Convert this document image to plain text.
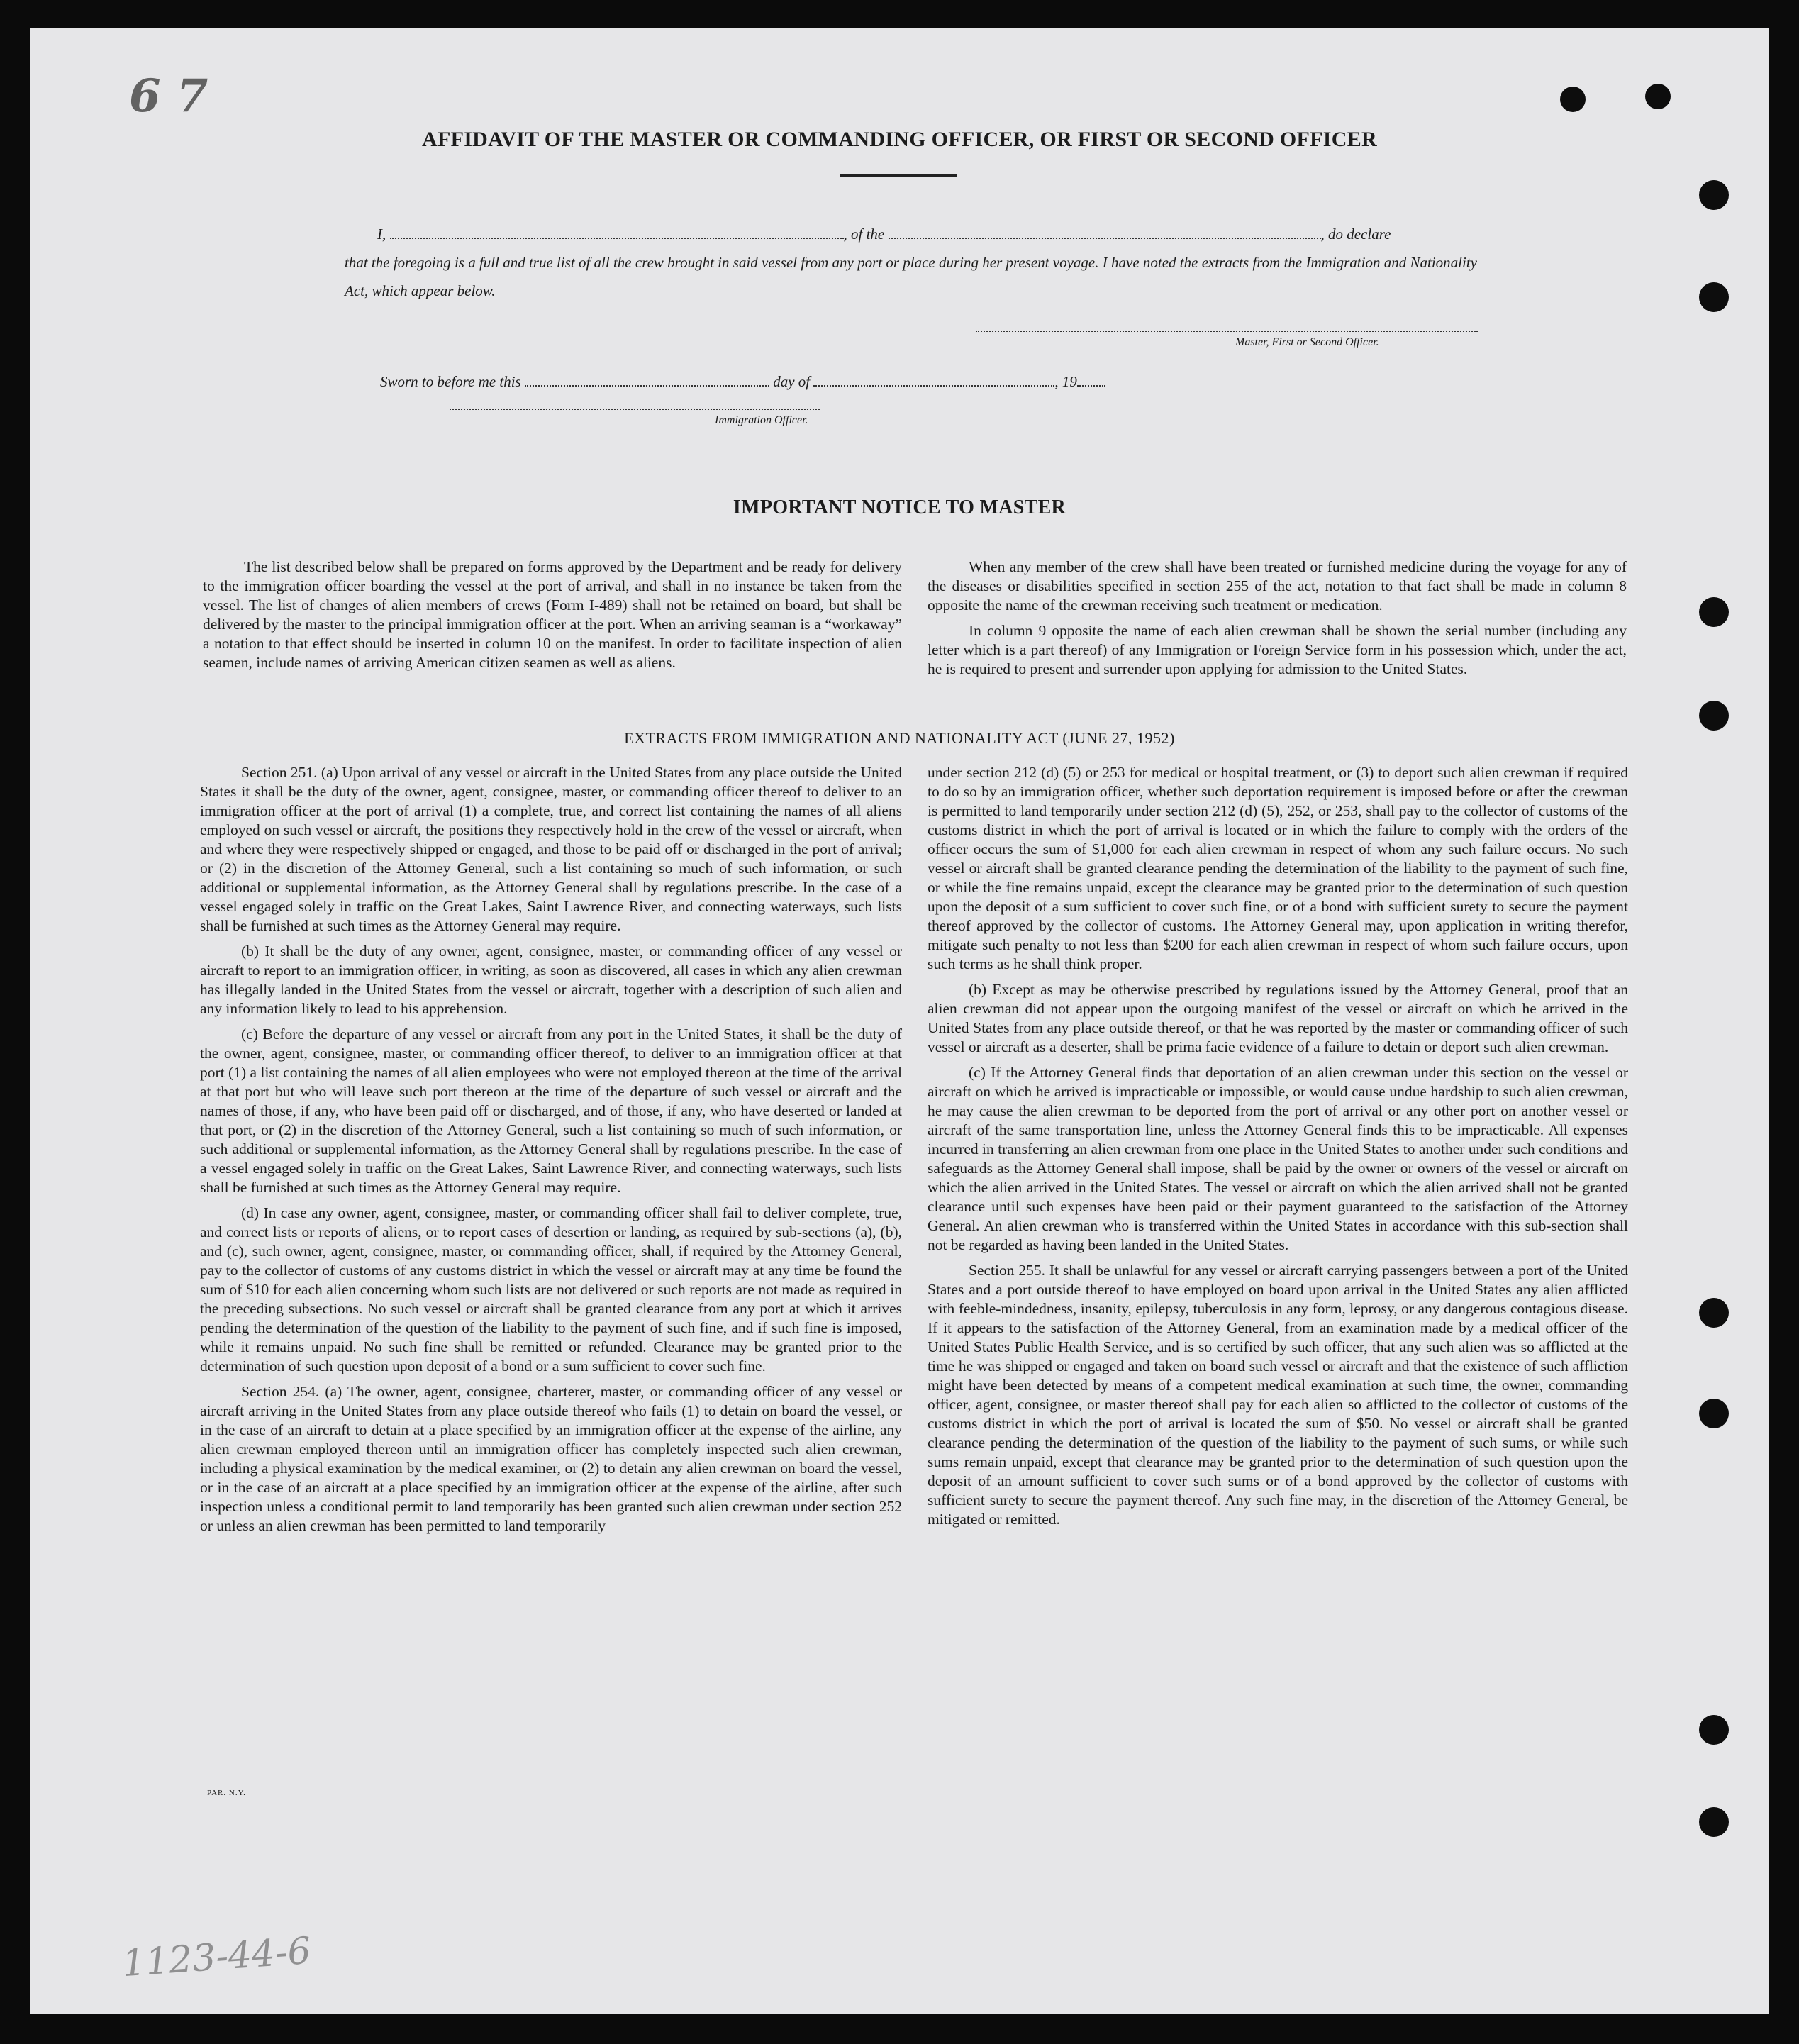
6 7
AFFIDAVIT OF THE MASTER OR COMMANDING OFFICER, OR FIRST OR SECOND OFFICER
I,	, of the	, do declare
that the foregoing is a full and true list of all the crew brought in said vessel from any port or place during her present voyage. I have noted the extracts from the Immigration and Nationality Act, which appear below.
Master, First or Second Officer.
Sworn to before me this	day of	, 19
Immigration Officer.
IMPORTANT NOTICE TO MASTER

The list described below shall be prepared on forms approved by the Department and be ready for delivery to the immigration officer boarding the vessel at the port of arrival, and shall in no instance be taken from the vessel. The list of changes of alien members of crews (Form I-489) shall not be retained on board, but shall be delivered by the master to the principal immigration officer at the port. When an arriving seaman is a “workaway” a notation to that effect should be inserted in column 10 on the manifest. In order to facilitate inspection of alien seamen, include names of arriving American citizen seamen as well as aliens.

When any member of the crew shall have been treated or furnished medicine during the voyage for any of the diseases or disabilities specified in section 255 of the act, notation to that fact shall be made in column 8 opposite the name of the crewman receiving such treatment or medication.

In column 9 opposite the name of each alien crewman shall be shown the serial number (including any letter which is a part thereof) of any Immigration or Foreign Service form in his possession which, under the act, he is required to present and surrender upon applying for admission to the United States.

EXTRACTS FROM IMMIGRATION AND NATIONALITY ACT (JUNE 27, 1952)

Section 251. (a) Upon arrival of any vessel or aircraft in the United States from any place outside the United States it shall be the duty of the owner, agent, consignee, master, or commanding officer thereof to deliver to an immigration officer at the port of arrival (1) a complete, true, and correct list containing the names of all aliens employed on such vessel or aircraft, the positions they respectively hold in the crew of the vessel or aircraft, when and where they were respectively shipped or engaged, and those to be paid off or discharged in the port of arrival; or (2) in the discretion of the Attorney General, such a list containing so much of such information, or such additional or supplemental information, as the Attorney General shall by regulations prescribe. In the case of a vessel engaged solely in traffic on the Great Lakes, Saint Lawrence River, and connecting waterways, such lists shall be furnished at such times as the Attorney General may require.

(b) It shall be the duty of any owner, agent, consignee, master, or commanding officer of any vessel or aircraft to report to an immigration officer, in writing, as soon as discovered, all cases in which any alien crewman has illegally landed in the United States from the vessel or aircraft, together with a description of such alien and any information likely to lead to his apprehension.

(c) Before the departure of any vessel or aircraft from any port in the United States, it shall be the duty of the owner, agent, consignee, master, or commanding officer thereof, to deliver to an immigration officer at that port (1) a list containing the names of all alien employees who were not employed thereon at the time of the arrival at that port but who will leave such port thereon at the time of the departure of such vessel or aircraft and the names of those, if any, who have been paid off or discharged, and of those, if any, who have deserted or landed at that port, or (2) in the discretion of the Attorney General, such a list containing so much of such information, or such additional or supplemental information, as the Attorney General shall by regulations prescribe. In the case of a vessel engaged solely in traffic on the Great Lakes, Saint Lawrence River, and connecting waterways, such lists shall be furnished at such times as the Attorney General may require.

(d) In case any owner, agent, consignee, master, or commanding officer shall fail to deliver complete, true, and correct lists or reports of aliens, or to report cases of desertion or landing, as required by sub-sections (a), (b), and (c), such owner, agent, consignee, master, or commanding officer, shall, if required by the Attorney General, pay to the collector of customs of any customs district in which the vessel or aircraft may at any time be found the sum of $10 for each alien concerning whom such lists are not delivered or such reports are not made as required in the preceding subsections. No such vessel or aircraft shall be granted clearance from any port at which it arrives pending the determination of the question of the liability to the payment of such fine, and if such fine is imposed, while it remains unpaid. No such fine shall be remitted or refunded. Clearance may be granted prior to the determination of such question upon deposit of a bond or a sum sufficient to cover such fine.

Section 254. (a) The owner, agent, consignee, charterer, master, or commanding officer of any vessel or aircraft arriving in the United States from any place outside thereof who fails (1) to detain on board the vessel, or in the case of an aircraft to detain at a place specified by an immigration officer at the expense of the airline, any alien crewman employed thereon until an immigration officer has completely inspected such alien crewman, including a physical examination by the medical examiner, or (2) to detain any alien crewman on board the vessel, or in the case of an aircraft at a place specified by an immigration officer at the expense of the airline, after such inspection unless a conditional permit to land temporarily has been granted such alien crewman under section 252 or unless an alien crewman has been permitted to land temporarily

under section 212 (d) (5) or 253 for medical or hospital treatment, or (3) to deport such alien crewman if required to do so by an immigration officer, whether such deportation requirement is imposed before or after the crewman is permitted to land temporarily under section 212 (d) (5), 252, or 253, shall pay to the collector of customs of the customs district in which the port of arrival is located or in which the failure to comply with the orders of the officer occurs the sum of $1,000 for each alien crewman in respect of whom any such failure occurs. No such vessel or aircraft shall be granted clearance pending the determination of the liability to the payment of such fine, or while the fine remains unpaid, except the clearance may be granted prior to the determination of such question upon the deposit of a sum sufficient to cover such fine, or of a bond with sufficient surety to secure the payment thereof approved by the collector of customs. The Attorney General may, upon application in writing therefor, mitigate such penalty to not less than $200 for each alien crewman in respect of whom such failure occurs, upon such terms as he shall think proper.

(b) Except as may be otherwise prescribed by regulations issued by the Attorney General, proof that an alien crewman did not appear upon the outgoing manifest of the vessel or aircraft on which he arrived in the United States from any place outside thereof, or that he was reported by the master or commanding officer of such vessel or aircraft as a deserter, shall be prima facie evidence of a failure to detain or deport such alien crewman.

(c) If the Attorney General finds that deportation of an alien crewman under this section on the vessel or aircraft on which he arrived is impracticable or impossible, or would cause undue hardship to such alien crewman, he may cause the alien crewman to be deported from the port of arrival or any other port on another vessel or aircraft of the same transportation line, unless the Attorney General finds this to be impracticable. All expenses incurred in transferring an alien crewman from one place in the United States to another under such conditions and safeguards as the Attorney General shall impose, shall be paid by the owner or owners of the vessel or aircraft on which the alien arrived in the United States. The vessel or aircraft on which the alien arrived shall not be granted clearance until such expenses have been paid or their payment guaranteed to the satisfaction of the Attorney General. An alien crewman who is transferred within the United States in accordance with this sub-section shall not be regarded as having been landed in the United States.

Section 255. It shall be unlawful for any vessel or aircraft carrying passengers between a port of the United States and a port outside thereof to have employed on board upon arrival in the United States any alien afflicted with feeble-mindedness, insanity, epilepsy, tuberculosis in any form, leprosy, or any dangerous contagious disease. If it appears to the satisfaction of the Attorney General, from an examination made by a medical officer of the United States Public Health Service, and is so certified by such officer, that any such alien was so afflicted at the time he was shipped or engaged and taken on board such vessel or aircraft and that the existence of such affliction might have been detected by means of a competent medical examination at such time, the owner, commanding officer, agent, consignee, or master thereof shall pay for each alien so afflicted to the collector of customs of the customs district in which the port of arrival is located the sum of $50. No vessel or aircraft shall be granted clearance pending the determination of the question of the liability to the payment of such sums, or while such sums remain unpaid, except that clearance may be granted prior to the determination of such question upon the deposit of an amount sufficient to cover such sums or of a bond approved by the collector of customs with sufficient surety to secure the payment thereof. Any such fine may, in the discretion of the Attorney General, be mitigated or remitted.

PAR. N.Y.
1123-44-6
